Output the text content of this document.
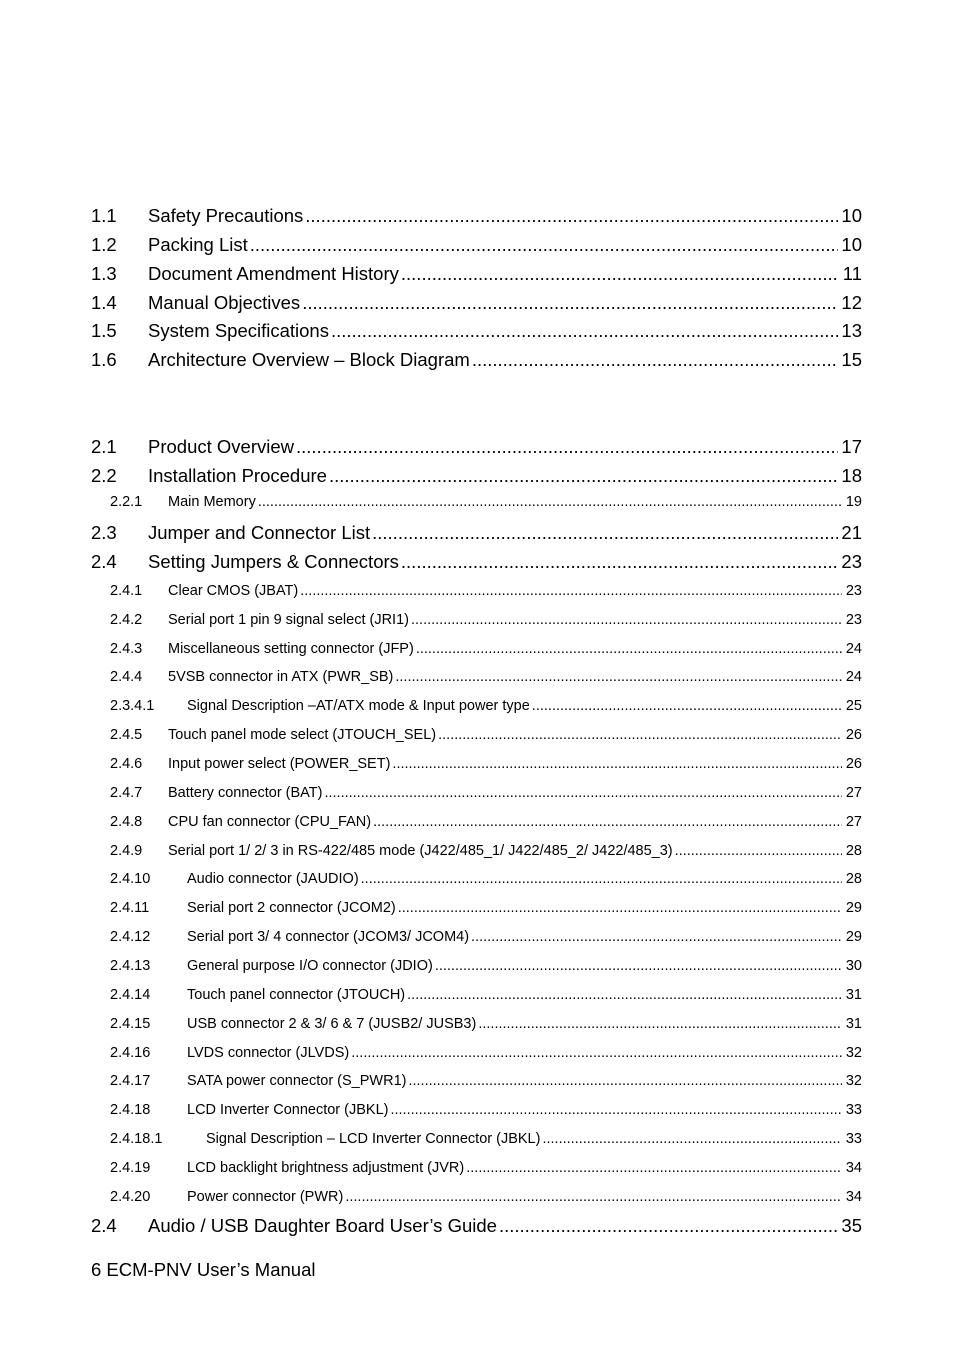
1.1	Safety Precautions .....	10
1.2	Packing List .....	10
1.3	Document Amendment History .....	11
1.4	Manual Objectives .....	12
1.5	System Specifications .....	13
1.6	Architecture Overview – Block Diagram .....	15
2.1	Product Overview .....	17
2.2	Installation Procedure .....	18
2.2.1	Main Memory .....	19
2.3	Jumper and Connector List .....	21
2.4	Setting Jumpers & Connectors .....	23
2.4.1	Clear CMOS (JBAT) .....	23
2.4.2	Serial port 1 pin 9 signal select (JRI1) .....	23
2.4.3	Miscellaneous setting connector (JFP) .....	24
2.4.4	5VSB connector in ATX (PWR_SB) .....	24
2.3.4.1	Signal Description –AT/ATX mode & Input power type .....	25
2.4.5	Touch panel mode select (JTOUCH_SEL) .....	26
2.4.6	Input power select (POWER_SET) .....	26
2.4.7	Battery connector (BAT) .....	27
2.4.8	CPU fan connector (CPU_FAN) .....	27
2.4.9	Serial port 1/ 2/ 3 in RS-422/485 mode (J422/485_1/ J422/485_2/ J422/485_3) .....	28
2.4.10	Audio connector (JAUDIO) .....	28
2.4.11	Serial port 2 connector (JCOM2) .....	29
2.4.12	Serial port 3/ 4 connector (JCOM3/ JCOM4) .....	29
2.4.13	General purpose I/O connector (JDIO) .....	30
2.4.14	Touch panel connector (JTOUCH) .....	31
2.4.15	USB connector 2 & 3/ 6 & 7 (JUSB2/ JUSB3) .....	31
2.4.16	LVDS connector (JLVDS) .....	32
2.4.17	SATA power connector (S_PWR1) .....	32
2.4.18	LCD Inverter Connector (JBKL) .....	33
2.4.18.1	Signal Description – LCD Inverter Connector (JBKL) .....	33
2.4.19	LCD backlight brightness adjustment (JVR) .....	34
2.4.20	Power connector (PWR) .....	34
2.4	Audio / USB Daughter Board User’s Guide .....	35
6 ECM-PNV User’s Manual
